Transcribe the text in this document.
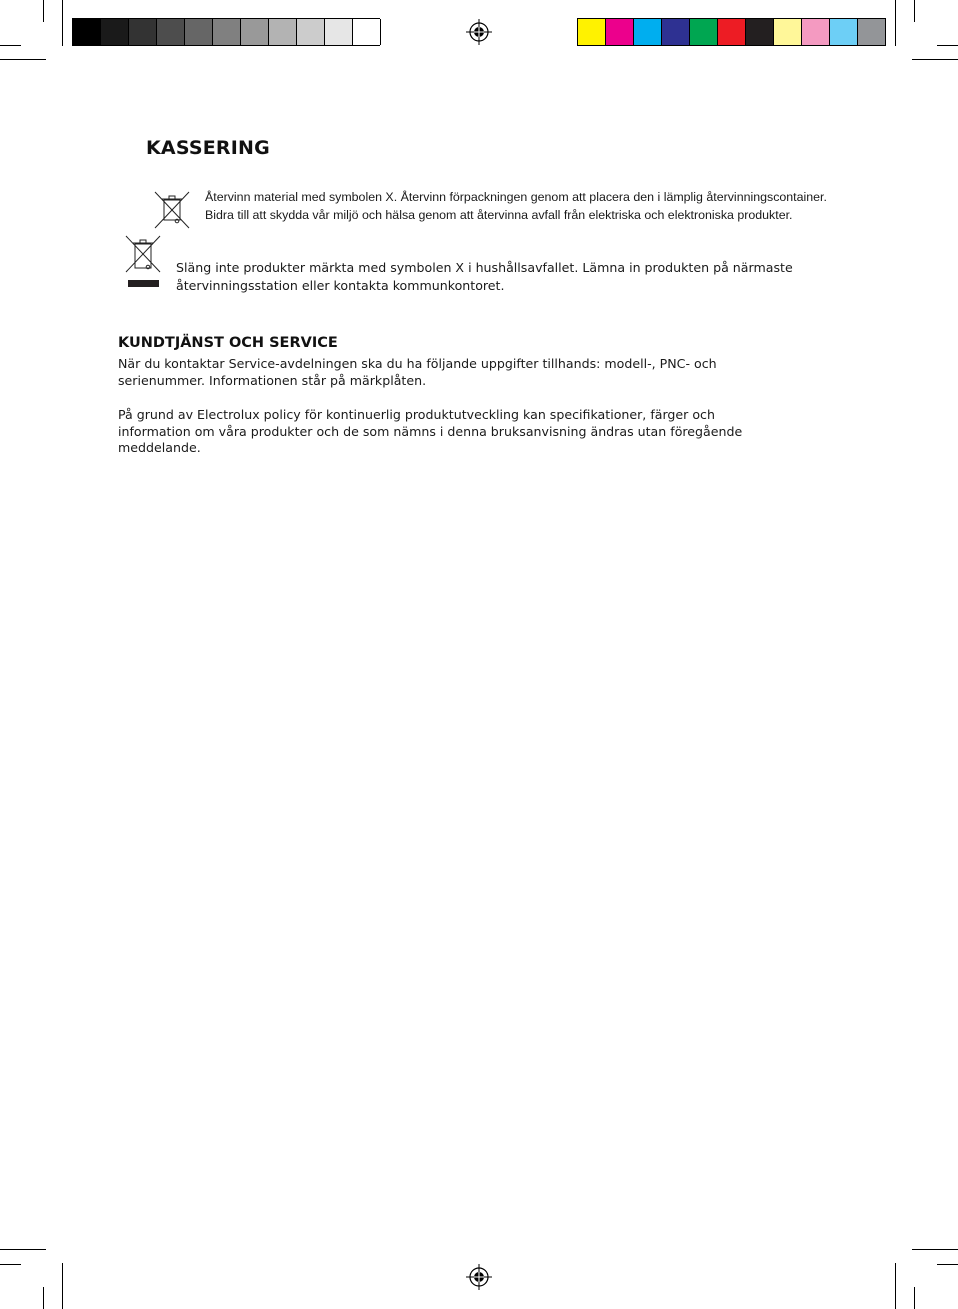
KASSERING

Återvinn material med symbolen X. Återvinn förpackningen genom att placera den i lämplig återvinningscontainer.

Bidra till att skydda vår miljö och hälsa genom att återvinna avfall från elektriska och elektroniska produkter.

Släng inte produkter märkta med symbolen X i hushållsavfallet. Lämna in produkten på närmaste

återvinningsstation eller kontakta kommunkontoret.

KUNDTJÄNST OCH SERVICE

När du kontaktar Service-avdelningen ska du ha följande uppgifter tillhands: modell-, PNC- och

serienummer. Informationen står på märkplåten.

På grund av Electrolux policy för kontinuerlig produktutveckling kan specifikationer, färger och

information om våra produkter och de som nämns i denna bruksanvisning ändras utan föregående

meddelande.
